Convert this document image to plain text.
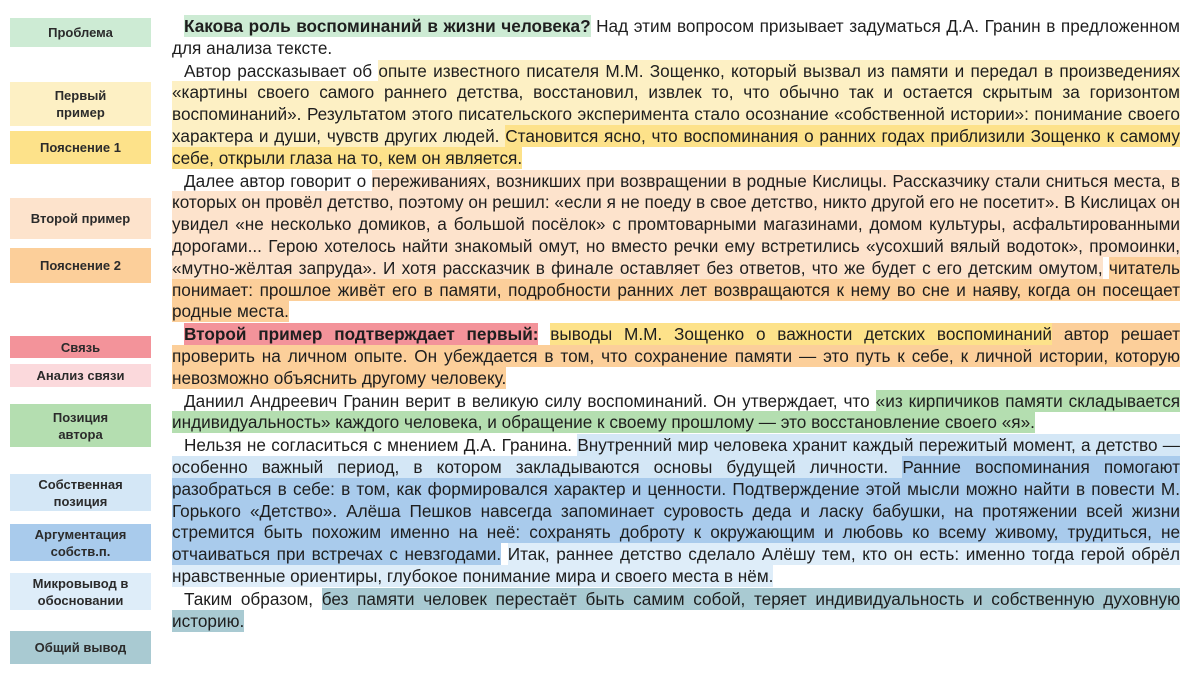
Проблема
Первый пример
Пояснение 1
Второй пример
Пояснение 2
Связь
Анализ связи
Позиция автора
Собственная позиция
Аргументация собств.п.
Микровывод в обосновании
Общий вывод

Какова роль воспоминаний в жизни человека? Над этим вопросом призывает задуматься Д.А. Гранин в предложенном для анализа тексте.

Автор рассказывает об опыте известного писателя М.М. Зощенко, который вызвал из памяти и передал в произведениях «картины своего самого раннего детства, восстановил, извлек то, что обычно так и остается скрытым за горизонтом воспоминаний». Результатом этого писательского эксперимента стало осознание «собственной истории»: понимание своего характера и души, чувств других людей. Становится ясно, что воспоминания о ранних годах приблизили Зощенко к самому себе, открыли глаза на то, кем он является.

Далее автор говорит о переживаниях, возникших при возвращении в родные Кислицы. Рассказчику стали сниться места, в которых он провёл детство, поэтому он решил: «если я не поеду в свое детство, никто другой его не посетит». В Кислицах он увидел «не несколько домиков, а большой посёлок» с промтоварными магазинами, домом культуры, асфальтированными дорогами... Герою хотелось найти знакомый омут, но вместо речки ему встретились «усохший вялый водоток», промоинки, «мутно-жёлтая запруда». И хотя рассказчик в финале оставляет без ответов, что же будет с его детским омутом, читатель понимает: прошлое живёт его в памяти, подробности ранних лет возвращаются к нему во сне и наяву, когда он посещает родные места.

Второй пример подтверждает первый: выводы М.М. Зощенко о важности детских воспоминаний автор решает проверить на личном опыте. Он убеждается в том, что сохранение памяти — это путь к себе, к личной истории, которую невозможно объяснить другому человеку.

Даниил Андреевич Гранин верит в великую силу воспоминаний. Он утверждает, что «из кирпичиков памяти складывается индивидуальность» каждого человека, и обращение к своему прошлому — это восстановление своего «я».

Нельзя не согласиться с мнением Д.А. Гранина. Внутренний мир человека хранит каждый пережитый момент, а детство — особенно важный период, в котором закладываются основы будущей личности. Ранние воспоминания помогают разобраться в себе: в том, как формировался характер и ценности. Подтверждение этой мысли можно найти в повести М. Горького «Детство». Алёша Пешков навсегда запоминает суровость деда и ласку бабушки, на протяжении всей жизни стремится быть похожим именно на неё: сохранять доброту к окружающим и любовь ко всему живому, трудиться, не отчаиваться при встречах с невзгодами. Итак, раннее детство сделало Алёшу тем, кто он есть: именно тогда герой обрёл нравственные ориентиры, глубокое понимание мира и своего места в нём.

Таким образом, без памяти человек перестаёт быть самим собой, теряет индивидуальность и собственную духовную историю.
